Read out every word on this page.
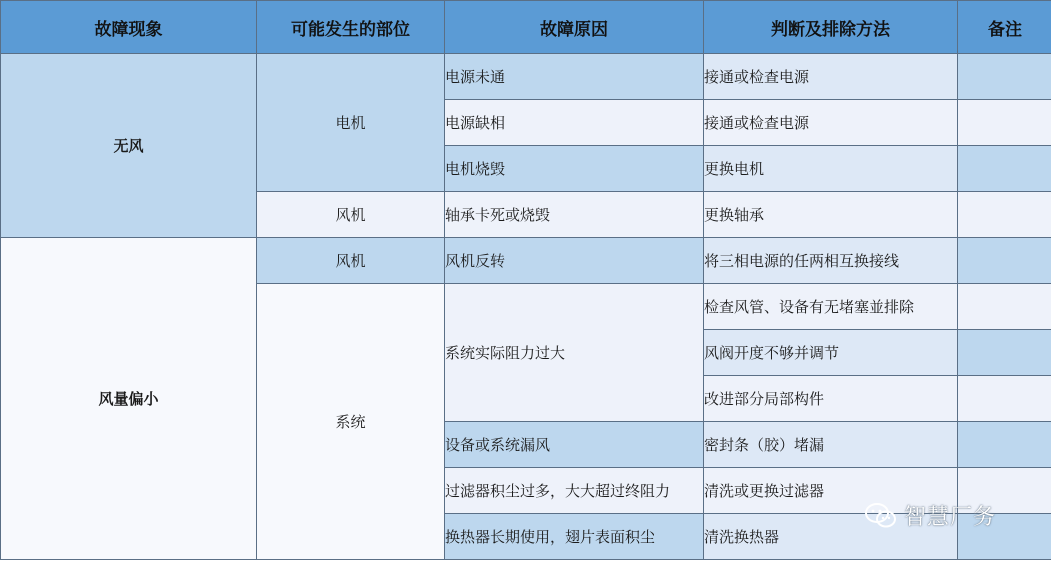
故障现象	可能发生的部位	故障原因	判断及排除方法	备注
无风	电机	电源未通	接通或检查电源	
		电源缺相	接通或检查电源	
		电机烧毁	更换电机	
	风机	轴承卡死或烧毁	更换轴承	
风量偏小	风机	风机反转	将三相电源的任两相互换接线	
	系统	系统实际阻力过大	检查风管、设备有无堵塞並排除	
			风阀开度不够并调节	
			改进部分局部构件	
		设备或系统漏风	密封条（胶）堵漏	
		过滤器积尘过多，大大超过终阻力	清洗或更换过滤器	
		换热器长期使用，翅片表面积尘	清洗换热器	
智慧厂务
